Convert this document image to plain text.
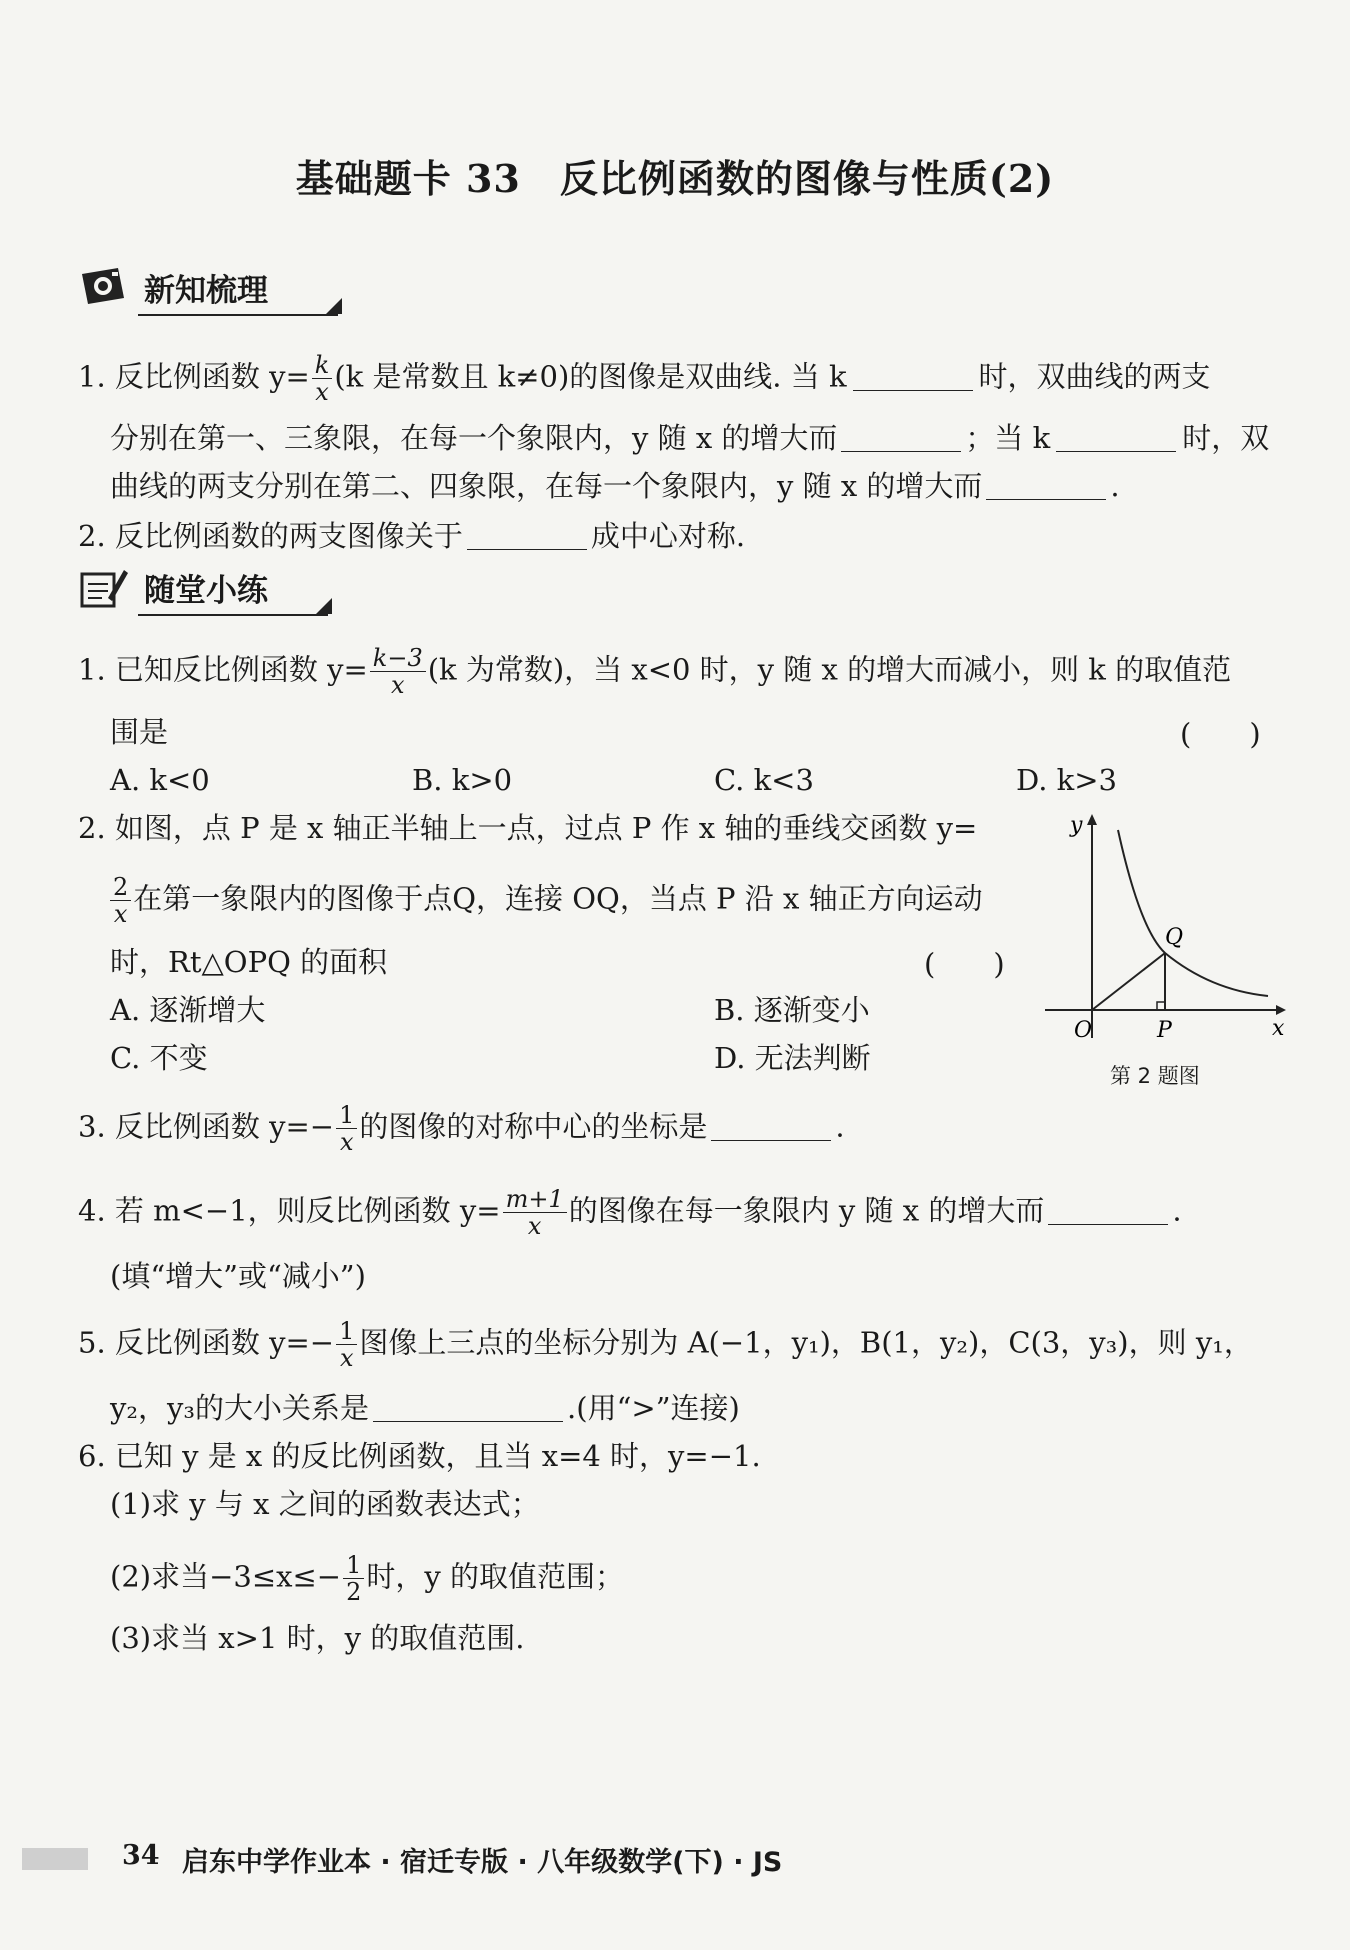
基础题卡 33　反比例函数的图像与性质(2)
新知梳理
1. 反比例函数 $y= \frac{k}{x} (k$ 是常数且 k≠0)的图像是双曲线. 当 k	时，双曲线的两支
分别在第一、三象限，在每一个象限内，y 随 x 的增大而	；当 k	时，双
曲线的两支分别在第二、四象限，在每一个象限内，y 随 x 的增大而	.
2. 反比例函数的两支图像关于	成中心对称.
随堂小练
1. 已知反比例函数 $y= \frac{k-3}{x} (k$ 为常数)，当 x<0 时，y 随 x 的增大而减小，则 k 的取值范
围是	(　　)
A. k<0	B. k>0	C. k<3	D. k>3
2. 如图，点 P 是 x 轴正半轴上一点，过点 P 作 x 轴的垂线交函数 y=
$\frac{2}{x}$ 在第一象限内的图像于点Q，连接 OQ，当点 P 沿 x 轴正方向运动
时，Rt△OPQ 的面积	(　　)
A. 逐渐增大	B. 逐渐变小
C. 不变	D. 无法判断
y
x
O	P
Q
第 2 题图
3. 反比例函数 $y=- \frac{1}{x}$ 的图像的对称中心的坐标是	.
4. 若 m<−1，则反比例函数 $y= \frac{m+1}{x}$ 的图像在每一象限内 y 随 x 的增大而	.
(填“增大”或“减小”)
5. 反比例函数 $y=- \frac{1}{x}$ 图像上三点的坐标分别为 A(−1，y₁)，B(1，y₂)，C(3，y₃)，则 y₁，
y₂，y₃的大小关系是	.(用“>”连接)
6. 已知 y 是 x 的反比例函数，且当 x=4 时，y=−1.
(1)求 y 与 x 之间的函数表达式；
(2)求当$-3\le x\le- \frac{1}{2}$ 时，y 的取值范围；
(3)求当 x>1 时，y 的取值范围.
34 启东中学作业本 · 宿迁专版 · 八年级数学(下) · JS
